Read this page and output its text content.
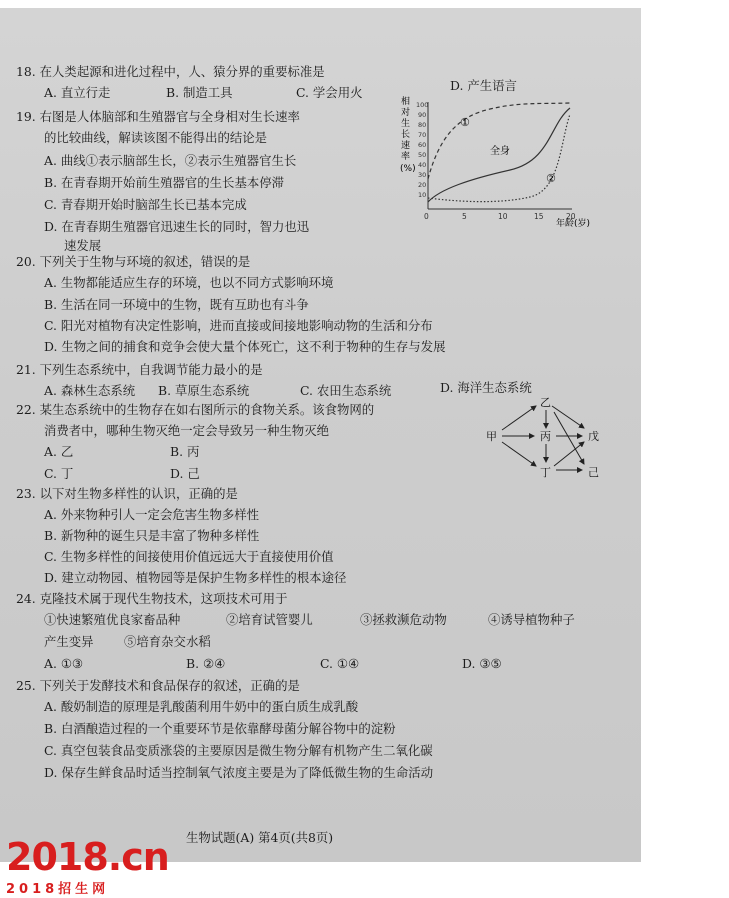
18. 在人类起源和进化过程中，人、猿分界的重要标准是
A. 直立行走	B. 制造工具	C. 学会用火	D. 产生语言
19. 右图是人体脑部和生殖器官与全身相对生长速率
的比较曲线，解读该图不能得出的结论是
A. 曲线①表示脑部生长，②表示生殖器官生长
B. 在青春期开始前生殖器官的生长基本停滞
C. 青春期开始时脑部生长已基本完成
D. 在青春期生殖器官迅速生长的同时，智力也迅
速发展
相对生长速率(%)
100
90
80
70
60
50
40
30
20
10
0	5	10	15	20
年龄(岁)
①
全身
②
20. 下列关于生物与环境的叙述，错误的是
A. 生物都能适应生存的环境，也以不同方式影响环境
B. 生活在同一环境中的生物，既有互助也有斗争
C. 阳光对植物有决定性影响，进而直接或间接地影响动物的生活和分布
D. 生物之间的捕食和竞争会使大量个体死亡，这不利于物种的生存与发展
21. 下列生态系统中，自我调节能力最小的是
A. 森林生态系统 B. 草原生态系统	C. 农田生态系统	D. 海洋生态系统
22. 某生态系统中的生物存在如右图所示的食物关系。该食物网的
消费者中，哪种生物灭绝一定会导致另一种生物灭绝
A. 乙	B. 丙
C. 丁	D. 己
甲
乙
丙
丁
戊
己
23. 以下对生物多样性的认识，正确的是
A. 外来物种引人一定会危害生物多样性
B. 新物种的诞生只是丰富了物种多样性
C. 生物多样性的间接使用价值远远大于直接使用价值
D. 建立动物园、植物园等是保护生物多样性的根本途径
24. 克隆技术属于现代生物技术，这项技术可用于
①快速繁殖优良家畜品种	②培育试管婴儿	③拯救濒危动物	④诱导植物种子
产生变异 ⑤培育杂交水稻
A. ①③	B. ②④	C. ①④	D. ③⑤
25. 下列关于发酵技术和食品保存的叙述，正确的是
A. 酸奶制造的原理是乳酸菌利用牛奶中的蛋白质生成乳酸
B. 白酒酿造过程的一个重要环节是依靠酵母菌分解谷物中的淀粉
C. 真空包装食品变质涨袋的主要原因是微生物分解有机物产生二氧化碳
D. 保存生鲜食品时适当控制氧气浓度主要是为了降低微生物的生命活动
生物试题(A) 第4页(共8页)
2018.cn
2018招生网
